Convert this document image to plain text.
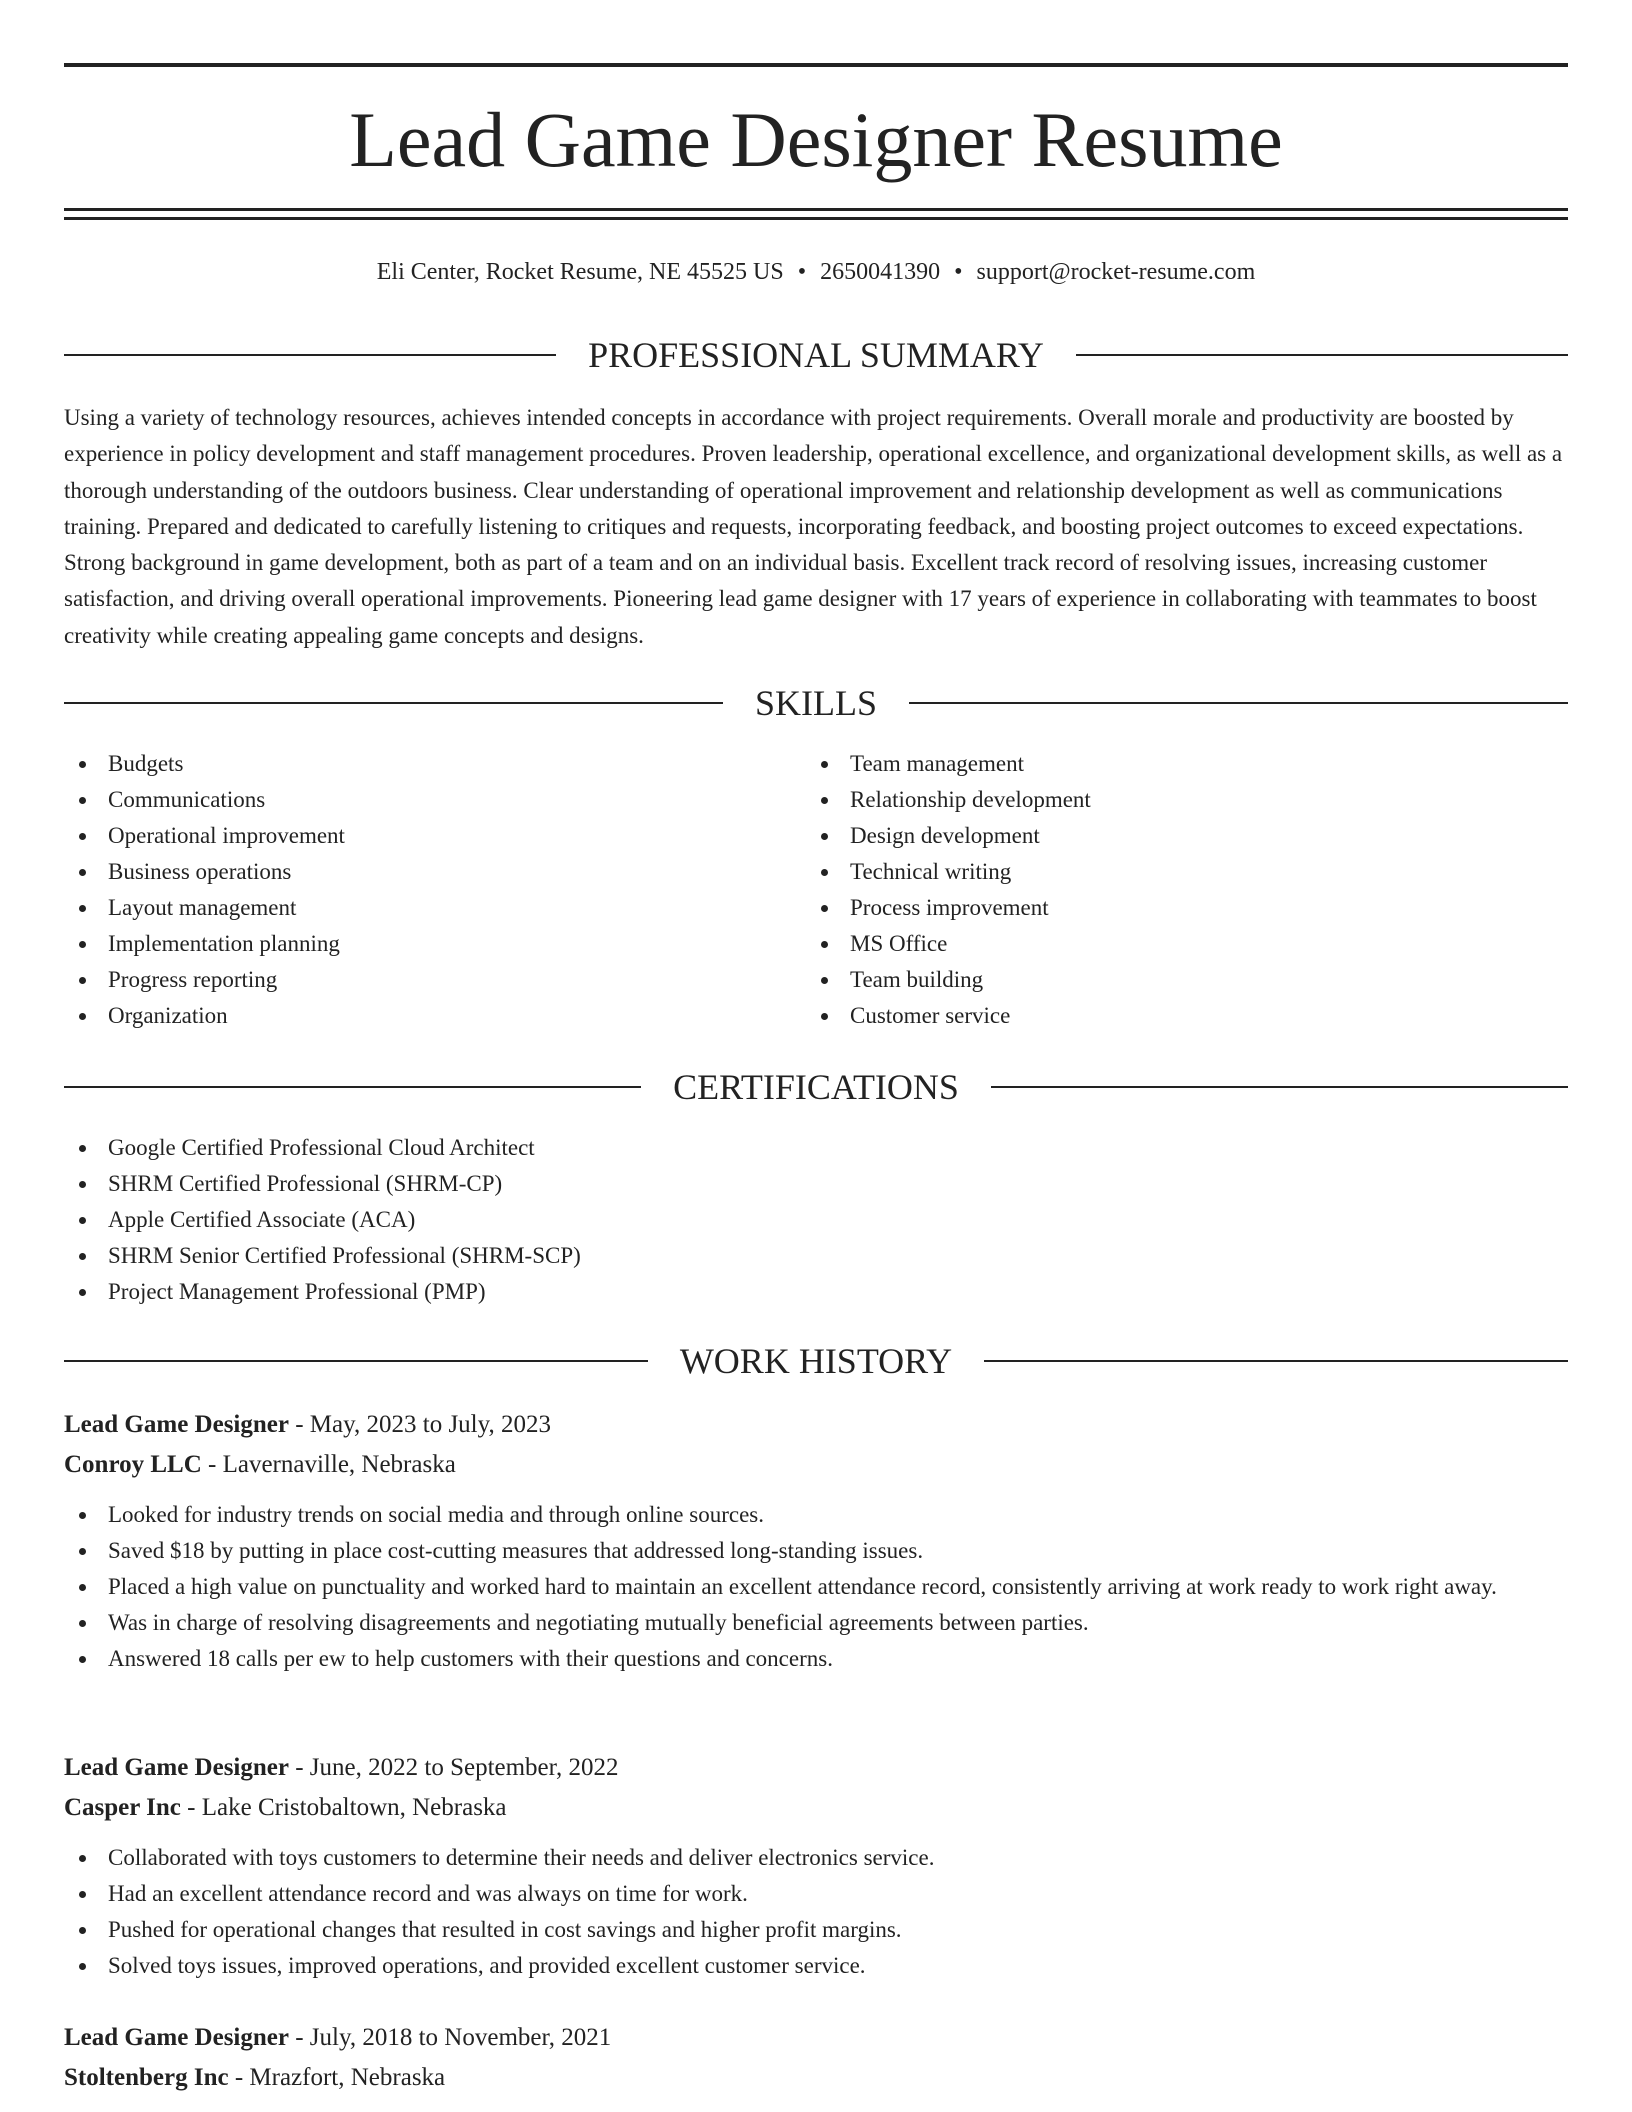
Lead Game Designer Resume
Eli Center, Rocket Resume, NE 45525 US • 2650041390 • support@rocket-resume.com
PROFESSIONAL SUMMARY

Using a variety of technology resources, achieves intended concepts in accordance with project requirements. Overall morale and productivity are boosted by experience in policy development and staff management procedures. Proven leadership, operational excellence, and organizational development skills, as well as a thorough understanding of the outdoors business. Clear understanding of operational improvement and relationship development as well as communications training. Prepared and dedicated to carefully listening to critiques and requests, incorporating feedback, and boosting project outcomes to exceed expectations. Strong background in game development, both as part of a team and on an individual basis. Excellent track record of resolving issues, increasing customer satisfaction, and driving overall operational improvements. Pioneering lead game designer with 17 years of experience in collaborating with teammates to boost creativity while creating appealing game concepts and designs.

SKILLS
Budgets
Communications
Operational improvement
Business operations
Layout management
Implementation planning
Progress reporting
Organization
Team management
Relationship development
Design development
Technical writing
Process improvement
MS Office
Team building
Customer service
CERTIFICATIONS
Google Certified Professional Cloud Architect
SHRM Certified Professional (SHRM-CP)
Apple Certified Associate (ACA)
SHRM Senior Certified Professional (SHRM-SCP)
Project Management Professional (PMP)
WORK HISTORY
Lead Game Designer - May, 2023 to July, 2023
Conroy LLC - Lavernaville, Nebraska
Looked for industry trends on social media and through online sources.
Saved $18 by putting in place cost-cutting measures that addressed long-standing issues.
Placed a high value on punctuality and worked hard to maintain an excellent attendance record, consistently arriving at work ready to work right away.
Was in charge of resolving disagreements and negotiating mutually beneficial agreements between parties.
Answered 18 calls per ew to help customers with their questions and concerns.
Lead Game Designer - June, 2022 to September, 2022
Casper Inc - Lake Cristobaltown, Nebraska
Collaborated with toys customers to determine their needs and deliver electronics service.
Had an excellent attendance record and was always on time for work.
Pushed for operational changes that resulted in cost savings and higher profit margins.
Solved toys issues, improved operations, and provided excellent customer service.
Lead Game Designer - July, 2018 to November, 2021
Stoltenberg Inc - Mrazfort, Nebraska
